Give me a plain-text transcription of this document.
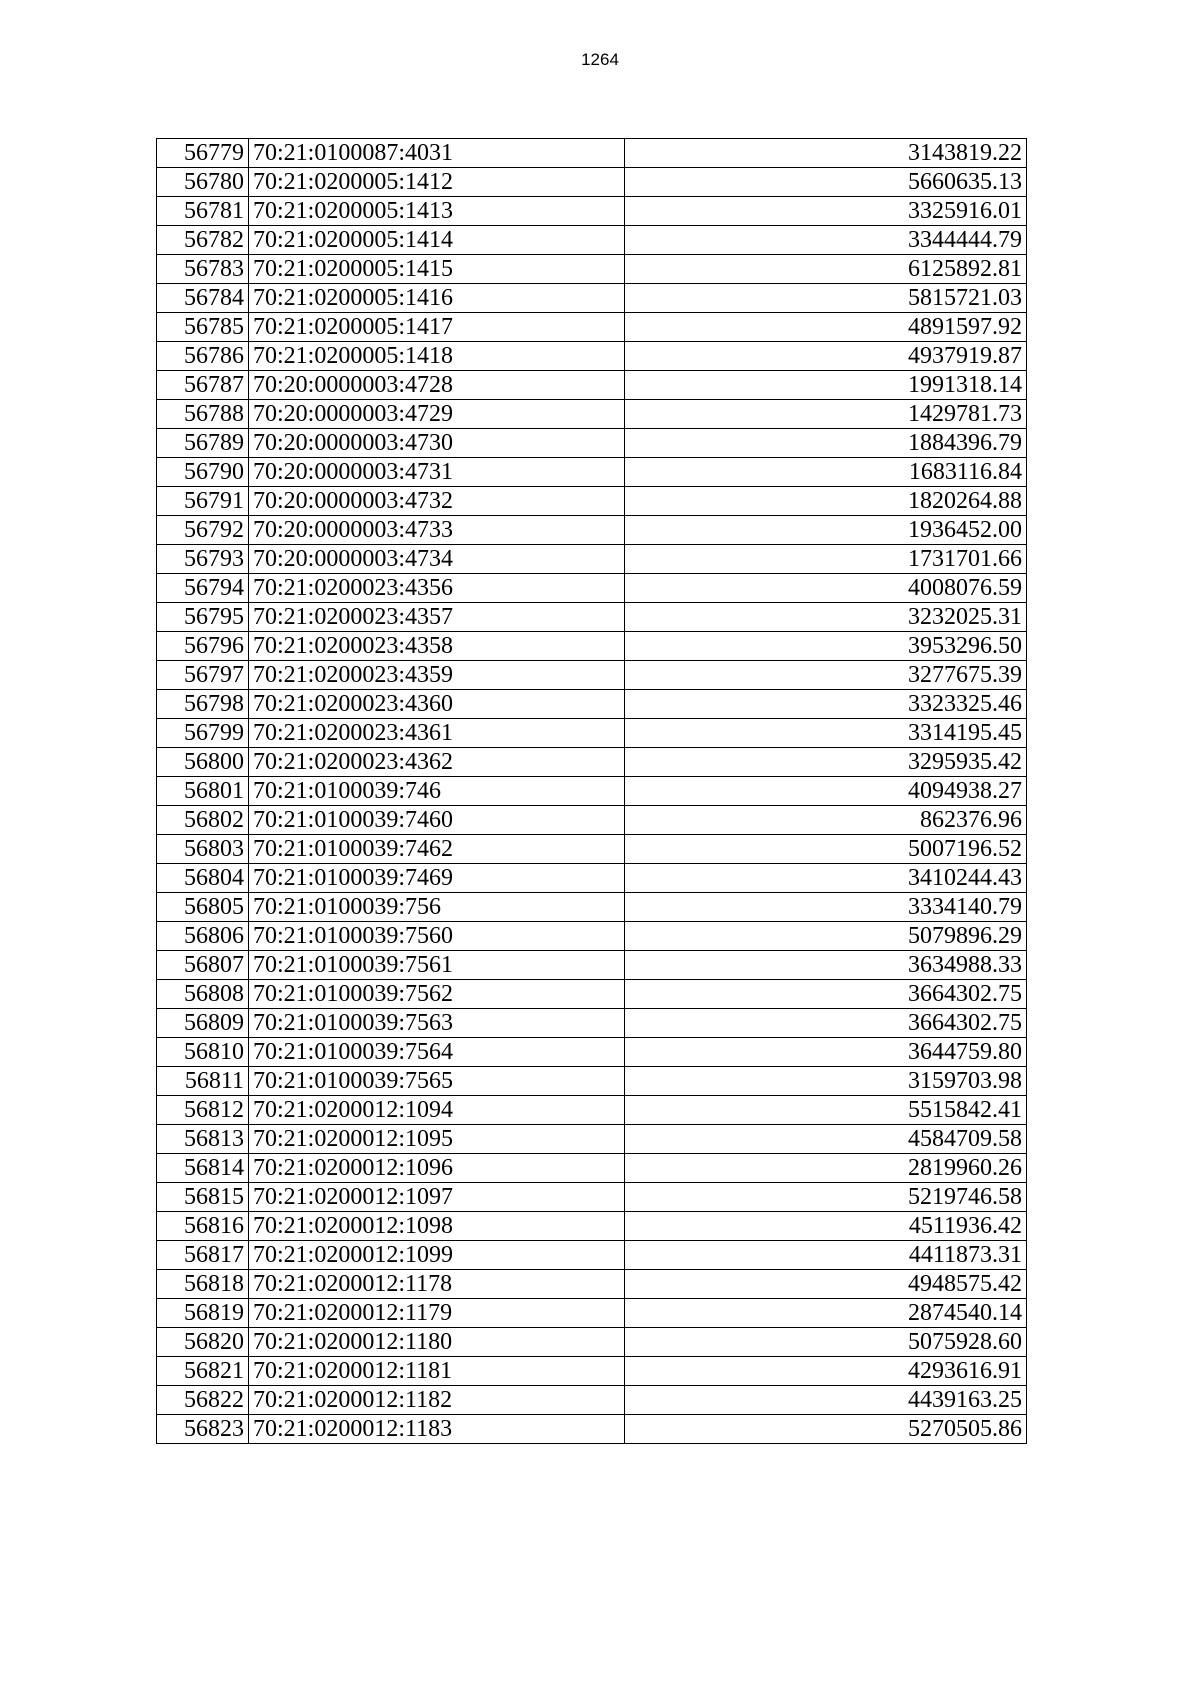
1264
56779	70:21:0100087:4031	3143819.22
56780	70:21:0200005:1412	5660635.13
56781	70:21:0200005:1413	3325916.01
56782	70:21:0200005:1414	3344444.79
56783	70:21:0200005:1415	6125892.81
56784	70:21:0200005:1416	5815721.03
56785	70:21:0200005:1417	4891597.92
56786	70:21:0200005:1418	4937919.87
56787	70:20:0000003:4728	1991318.14
56788	70:20:0000003:4729	1429781.73
56789	70:20:0000003:4730	1884396.79
56790	70:20:0000003:4731	1683116.84
56791	70:20:0000003:4732	1820264.88
56792	70:20:0000003:4733	1936452.00
56793	70:20:0000003:4734	1731701.66
56794	70:21:0200023:4356	4008076.59
56795	70:21:0200023:4357	3232025.31
56796	70:21:0200023:4358	3953296.50
56797	70:21:0200023:4359	3277675.39
56798	70:21:0200023:4360	3323325.46
56799	70:21:0200023:4361	3314195.45
56800	70:21:0200023:4362	3295935.42
56801	70:21:0100039:746	4094938.27
56802	70:21:0100039:7460	862376.96
56803	70:21:0100039:7462	5007196.52
56804	70:21:0100039:7469	3410244.43
56805	70:21:0100039:756	3334140.79
56806	70:21:0100039:7560	5079896.29
56807	70:21:0100039:7561	3634988.33
56808	70:21:0100039:7562	3664302.75
56809	70:21:0100039:7563	3664302.75
56810	70:21:0100039:7564	3644759.80
56811	70:21:0100039:7565	3159703.98
56812	70:21:0200012:1094	5515842.41
56813	70:21:0200012:1095	4584709.58
56814	70:21:0200012:1096	2819960.26
56815	70:21:0200012:1097	5219746.58
56816	70:21:0200012:1098	4511936.42
56817	70:21:0200012:1099	4411873.31
56818	70:21:0200012:1178	4948575.42
56819	70:21:0200012:1179	2874540.14
56820	70:21:0200012:1180	5075928.60
56821	70:21:0200012:1181	4293616.91
56822	70:21:0200012:1182	4439163.25
56823	70:21:0200012:1183	5270505.86
